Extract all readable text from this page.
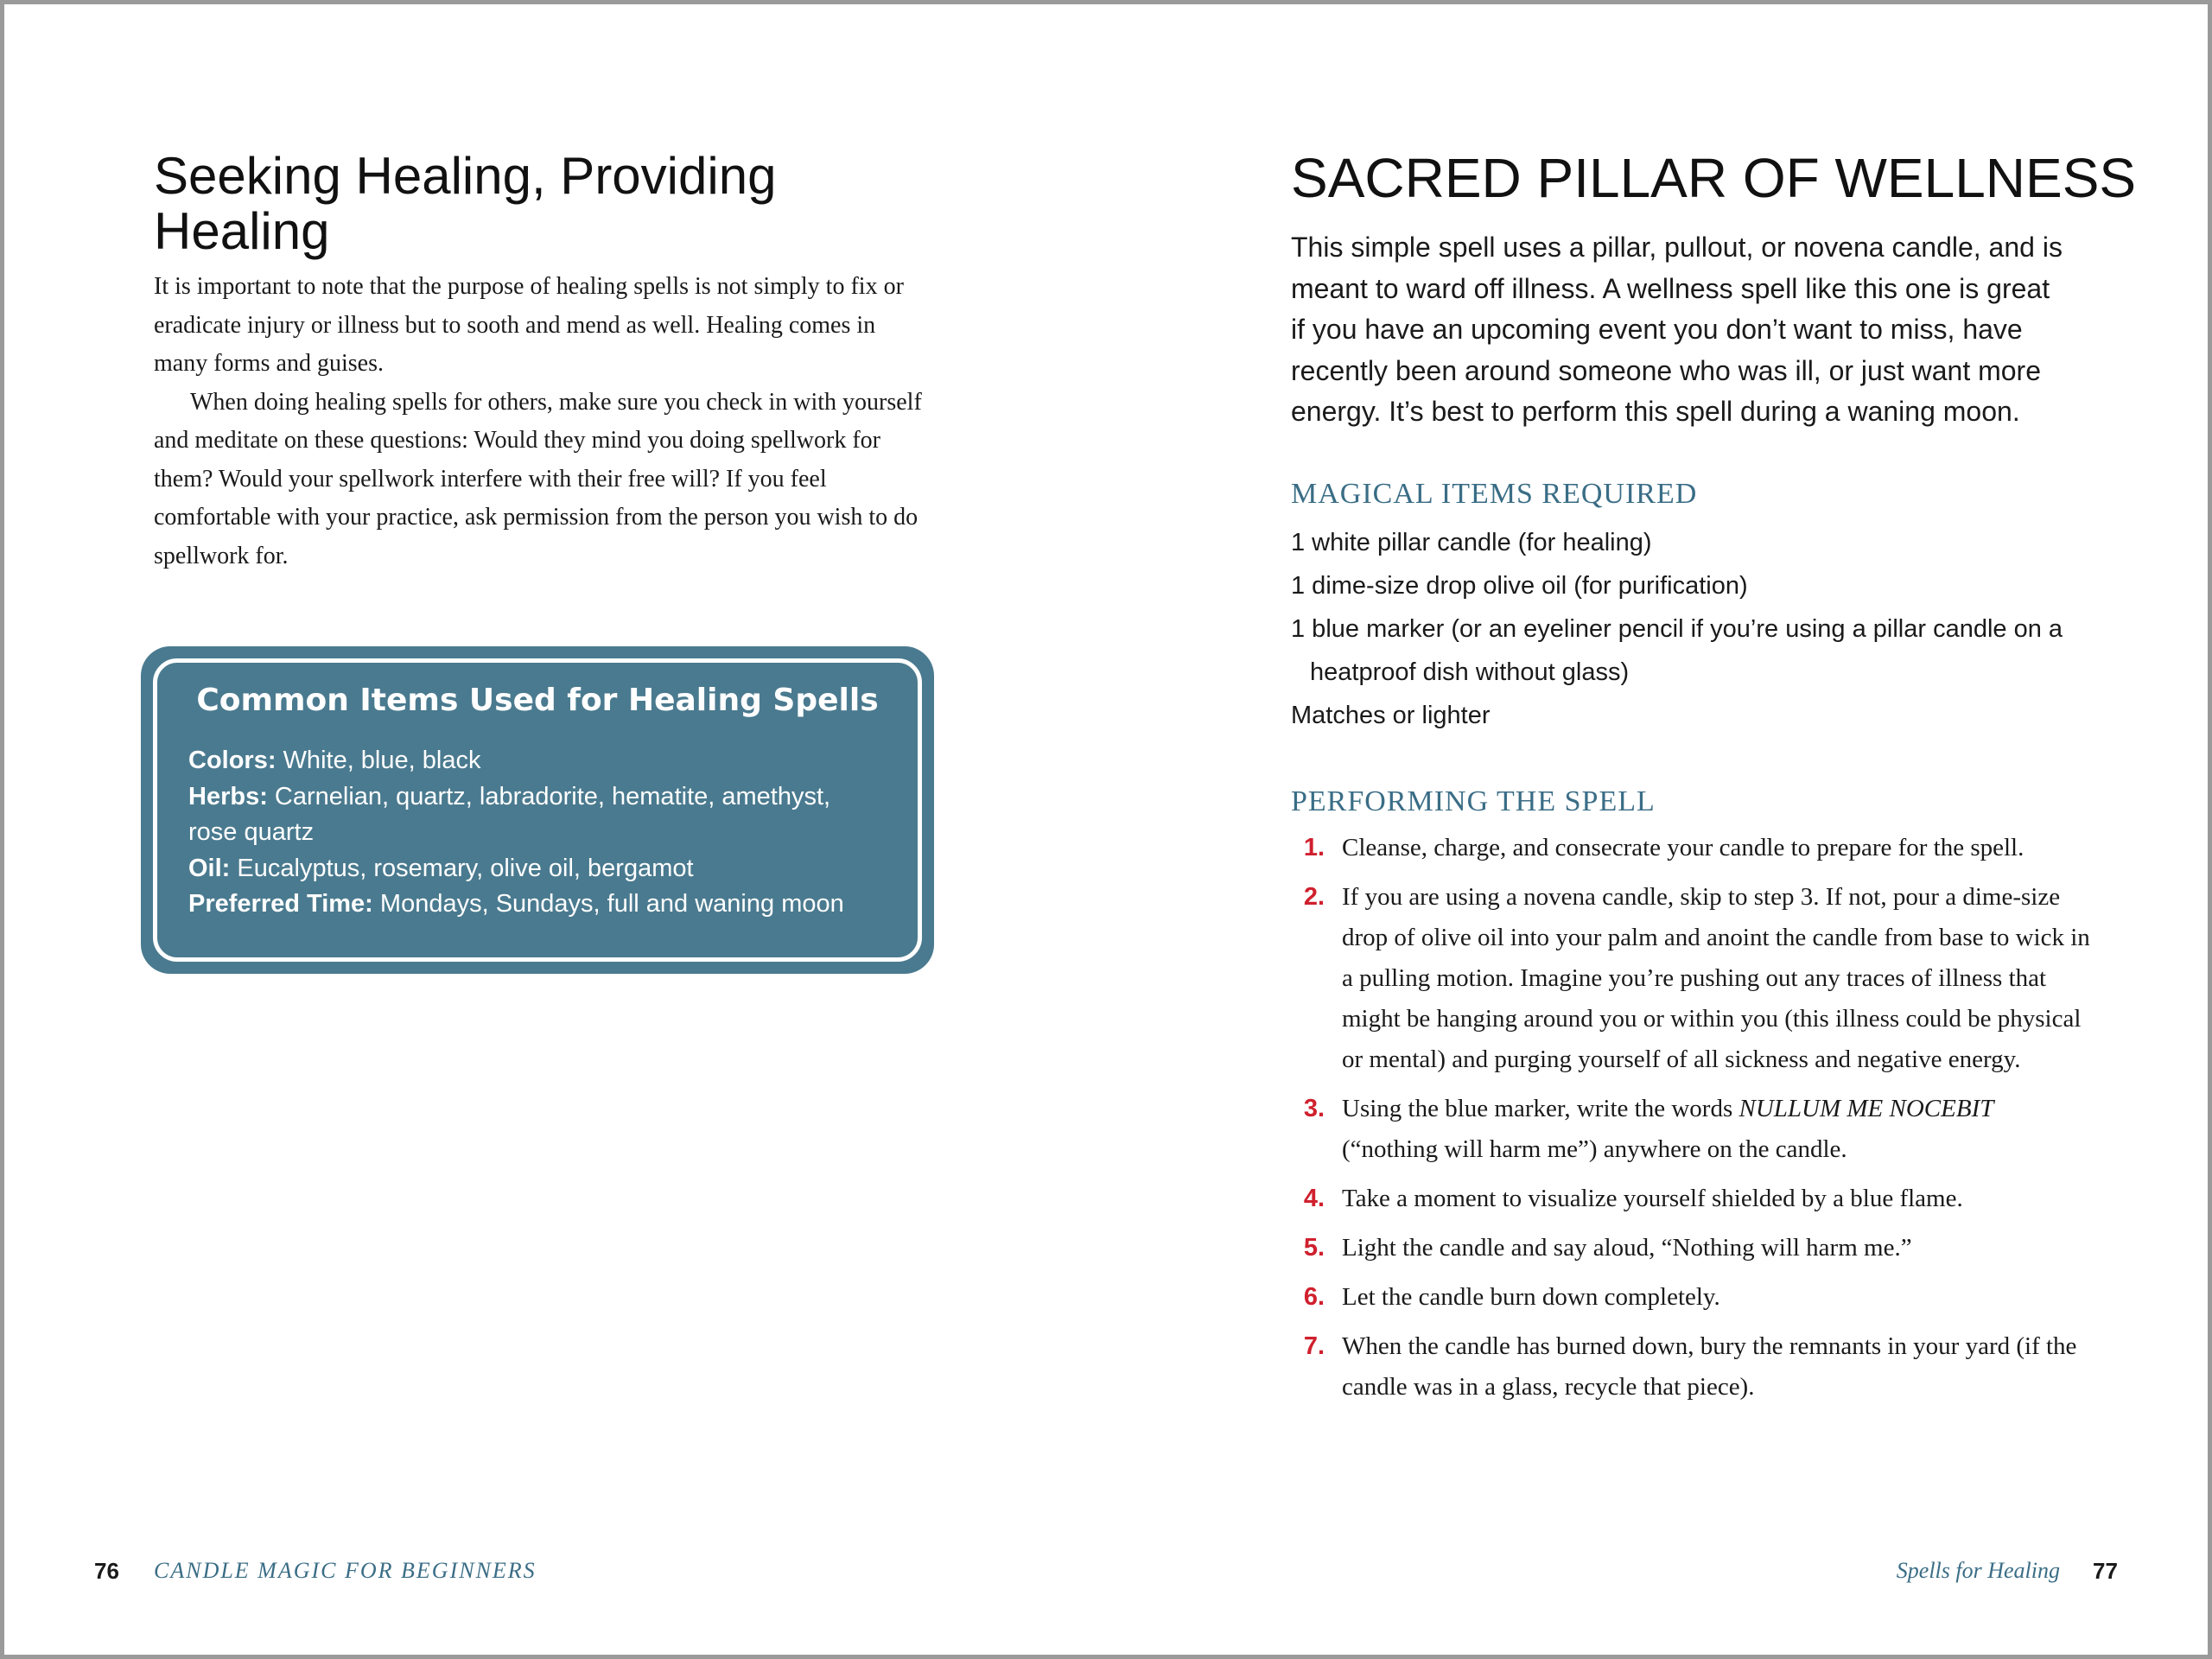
Seeking Healing, Providing Healing

It is important to note that the purpose of healing spells is not simply to fix or eradicate injury or illness but to sooth and mend as well. Healing comes in many forms and guises.

When doing healing spells for others, make sure you check in with yourself and meditate on these questions: Would they mind you doing spellwork for them? Would your spellwork interfere with their free will? If you feel comfortable with your practice, ask permission from the person you wish to do spellwork for.

Common Items Used for Healing Spells
Colors: White, blue, black
Herbs: Carnelian, quartz, labradorite, hematite, amethyst, rose quartz
Oil: Eucalyptus, rosemary, olive oil, bergamot
Preferred Time: Mondays, Sundays, full and waning moon
76 CANDLE MAGIC FOR BEGINNERS
SACRED PILLAR OF WELLNESS

This simple spell uses a pillar, pullout, or novena candle, and is meant to ward off illness. A wellness spell like this one is great if you have an upcoming event you don’t want to miss, have recently been around someone who was ill, or just want more energy. It’s best to perform this spell during a waning moon.

MAGICAL ITEMS REQUIRED
1 white pillar candle (for healing)
1 dime-size drop olive oil (for purification)
1 blue marker (or an eyeliner pencil if you’re using a pillar candle on a heatproof dish without glass)
Matches or lighter
PERFORMING THE SPELL
1. Cleanse, charge, and consecrate your candle to prepare for the spell.
2. If you are using a novena candle, skip to step 3. If not, pour a dime-size drop of olive oil into your palm and anoint the candle from base to wick in a pulling motion. Imagine you’re pushing out any traces of illness that might be hanging around you or within you (this illness could be physical or mental) and purging yourself of all sickness and negative energy.
3. Using the blue marker, write the words NULLUM ME NOCEBIT (“nothing will harm me”) anywhere on the candle.
4. Take a moment to visualize yourself shielded by a blue flame.
5. Light the candle and say aloud, “Nothing will harm me.”
6. Let the candle burn down completely.
7. When the candle has burned down, bury the remnants in your yard (if the candle was in a glass, recycle that piece).
Spells for Healing 77
